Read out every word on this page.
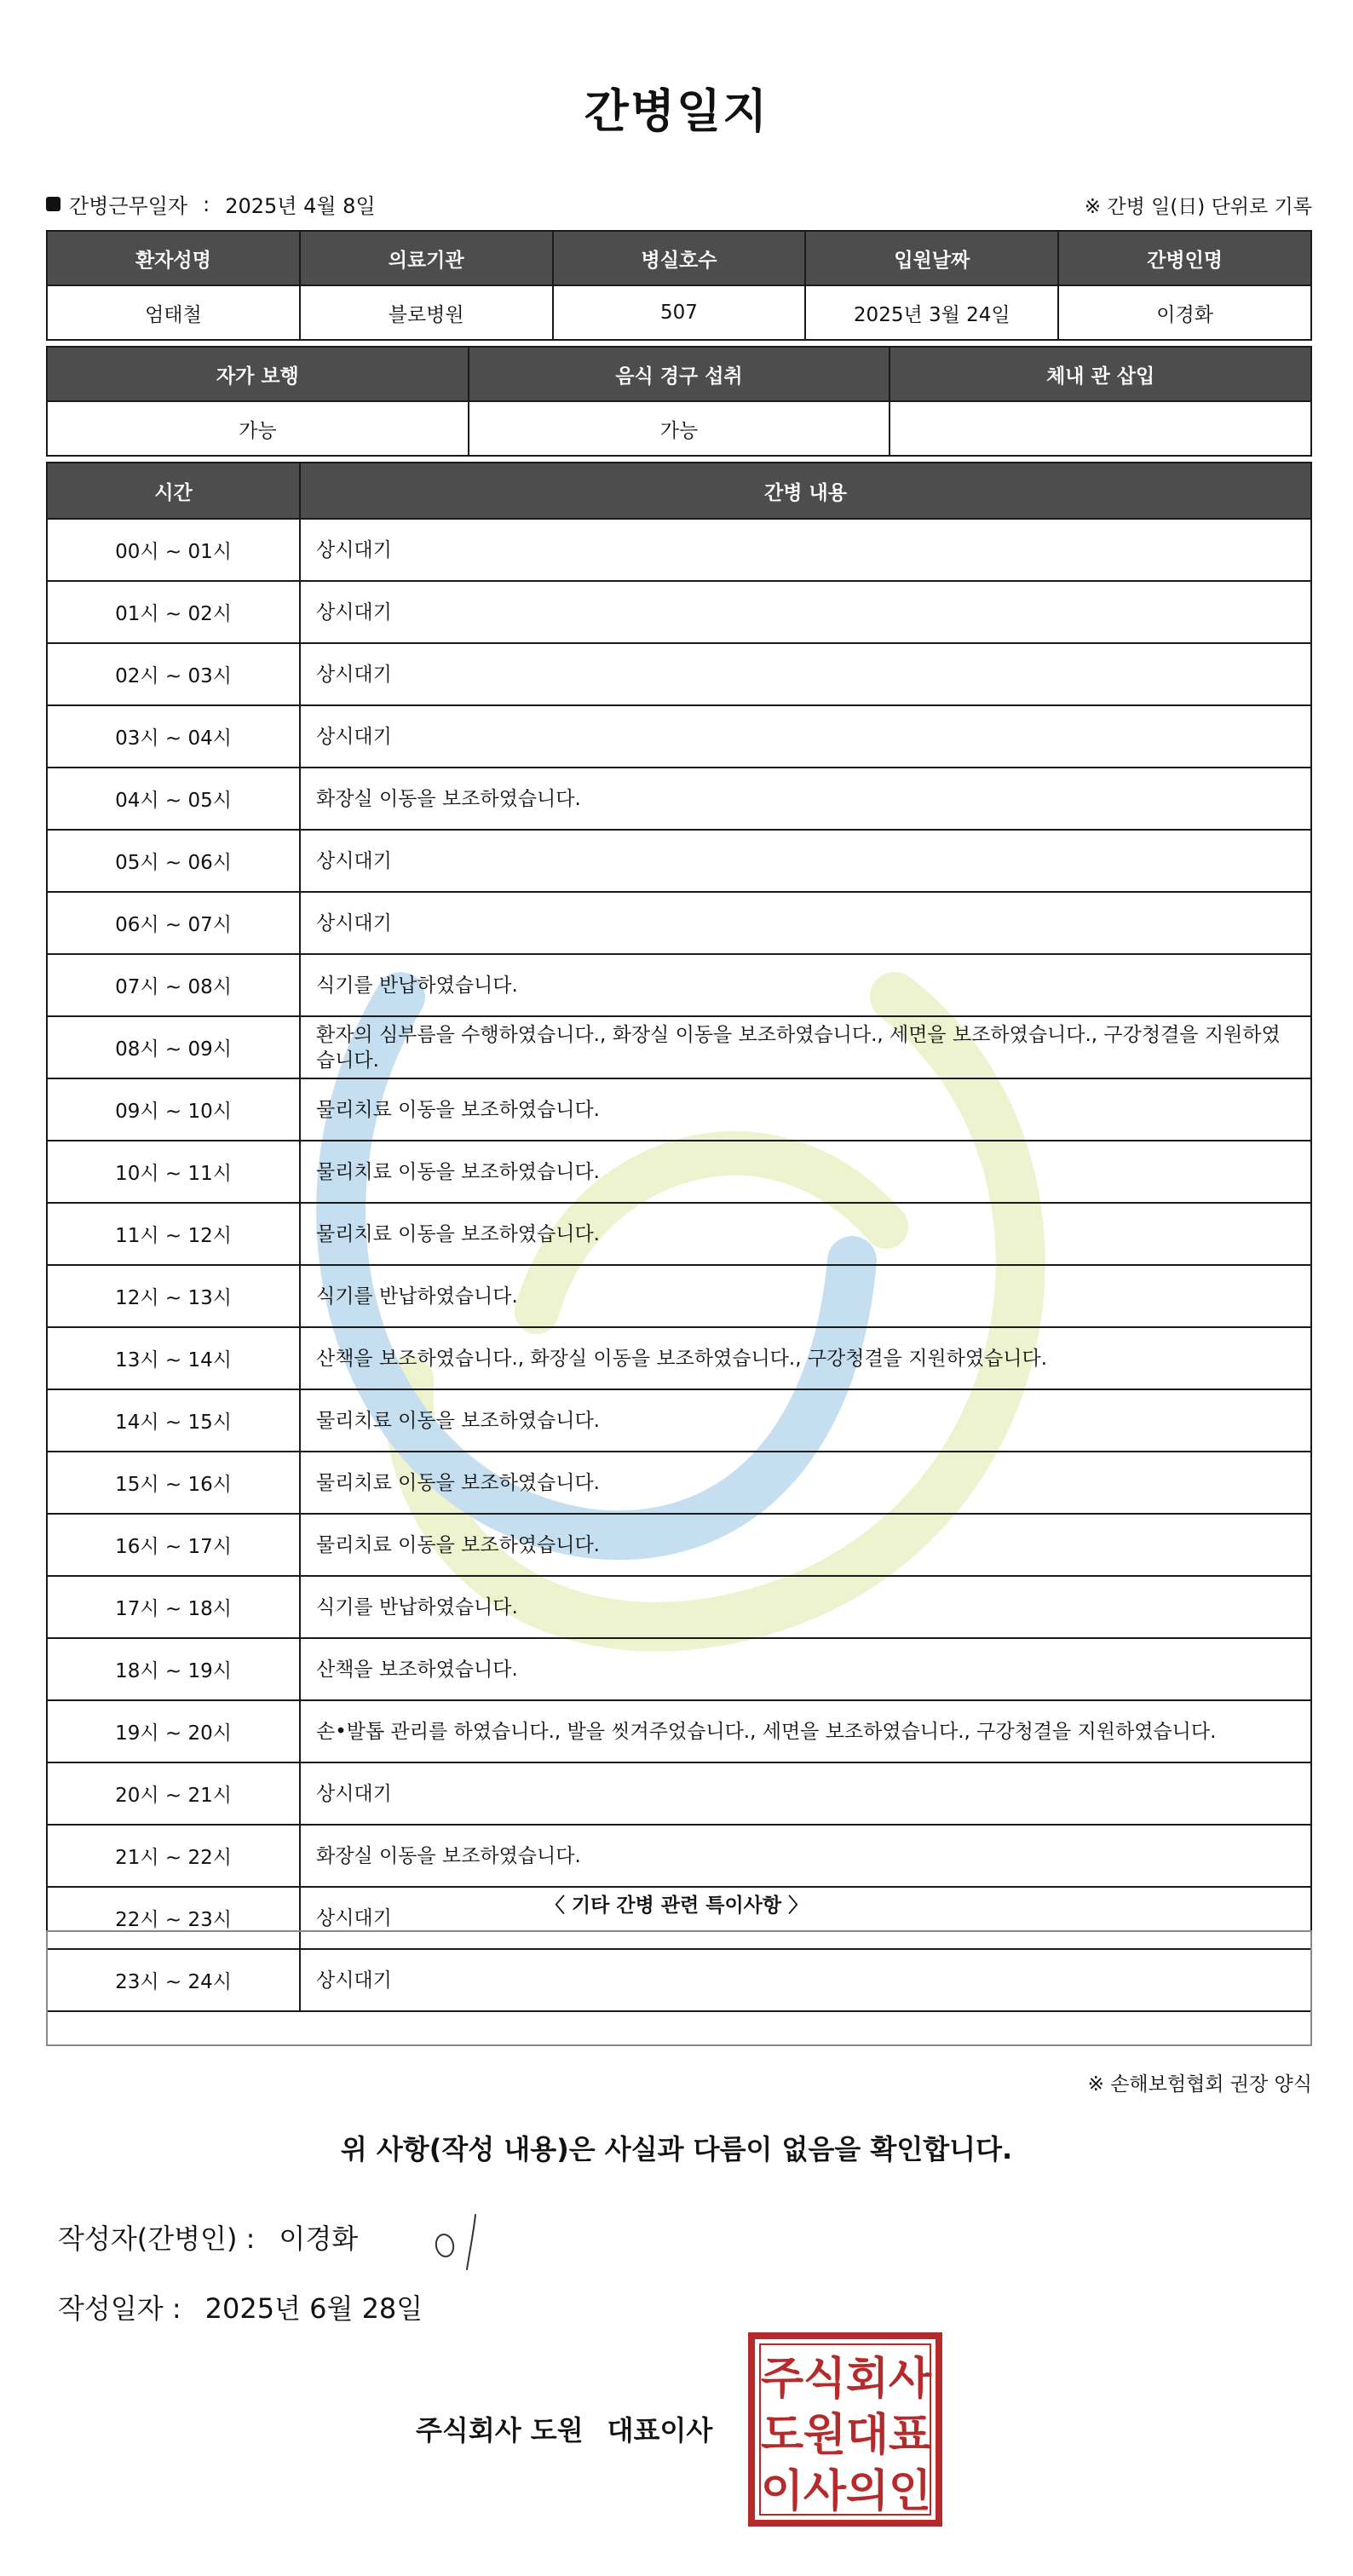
간병일지
간병근무일자 : 2025년 4월 8일	※ 간병 일(日) 단위로 기록
환자성명	의료기관	병실호수	입원날짜	간병인명
엄태철	블로병원	507	2025년 3월 24일	이경화
자가 보행	음식 경구 섭취	체내 관 삽입
가능	가능	
시간	간병 내용
00시 ~ 01시	상시대기
01시 ~ 02시	상시대기
02시 ~ 03시	상시대기
03시 ~ 04시	상시대기
04시 ~ 05시	화장실 이동을 보조하였습니다.
05시 ~ 06시	상시대기
06시 ~ 07시	상시대기
07시 ~ 08시	식기를 반납하였습니다.
08시 ~ 09시	환자의 심부름을 수행하였습니다., 화장실 이동을 보조하였습니다., 세면을 보조하였습니다., 구강청결을 지원하였습니다.
09시 ~ 10시	물리치료 이동을 보조하였습니다.
10시 ~ 11시	물리치료 이동을 보조하였습니다.
11시 ~ 12시	물리치료 이동을 보조하였습니다.
12시 ~ 13시	식기를 반납하였습니다.
13시 ~ 14시	산책을 보조하였습니다., 화장실 이동을 보조하였습니다., 구강청결을 지원하였습니다.
14시 ~ 15시	물리치료 이동을 보조하였습니다.
15시 ~ 16시	물리치료 이동을 보조하였습니다.
16시 ~ 17시	물리치료 이동을 보조하였습니다.
17시 ~ 18시	식기를 반납하였습니다.
18시 ~ 19시	산책을 보조하였습니다.
19시 ~ 20시	손•발톱 관리를 하였습니다., 발을 씻겨주었습니다., 세면을 보조하였습니다., 구강청결을 지원하였습니다.
20시 ~ 21시	상시대기
21시 ~ 22시	화장실 이동을 보조하였습니다.
22시 ~ 23시	상시대기
23시 ~ 24시	상시대기
〈 기타 간병 관련 특이사항 〉
※ 손해보험협회 권장 양식
위 사항(작성 내용)은 사실과 다름이 없음을 확인합니다.
작성자(간병인) : 이경화
작성일자 : 2025년 6월 28일
주식회사 도원 대표이사
주 식 회 사
도 원 대 표
이 사 의 인
